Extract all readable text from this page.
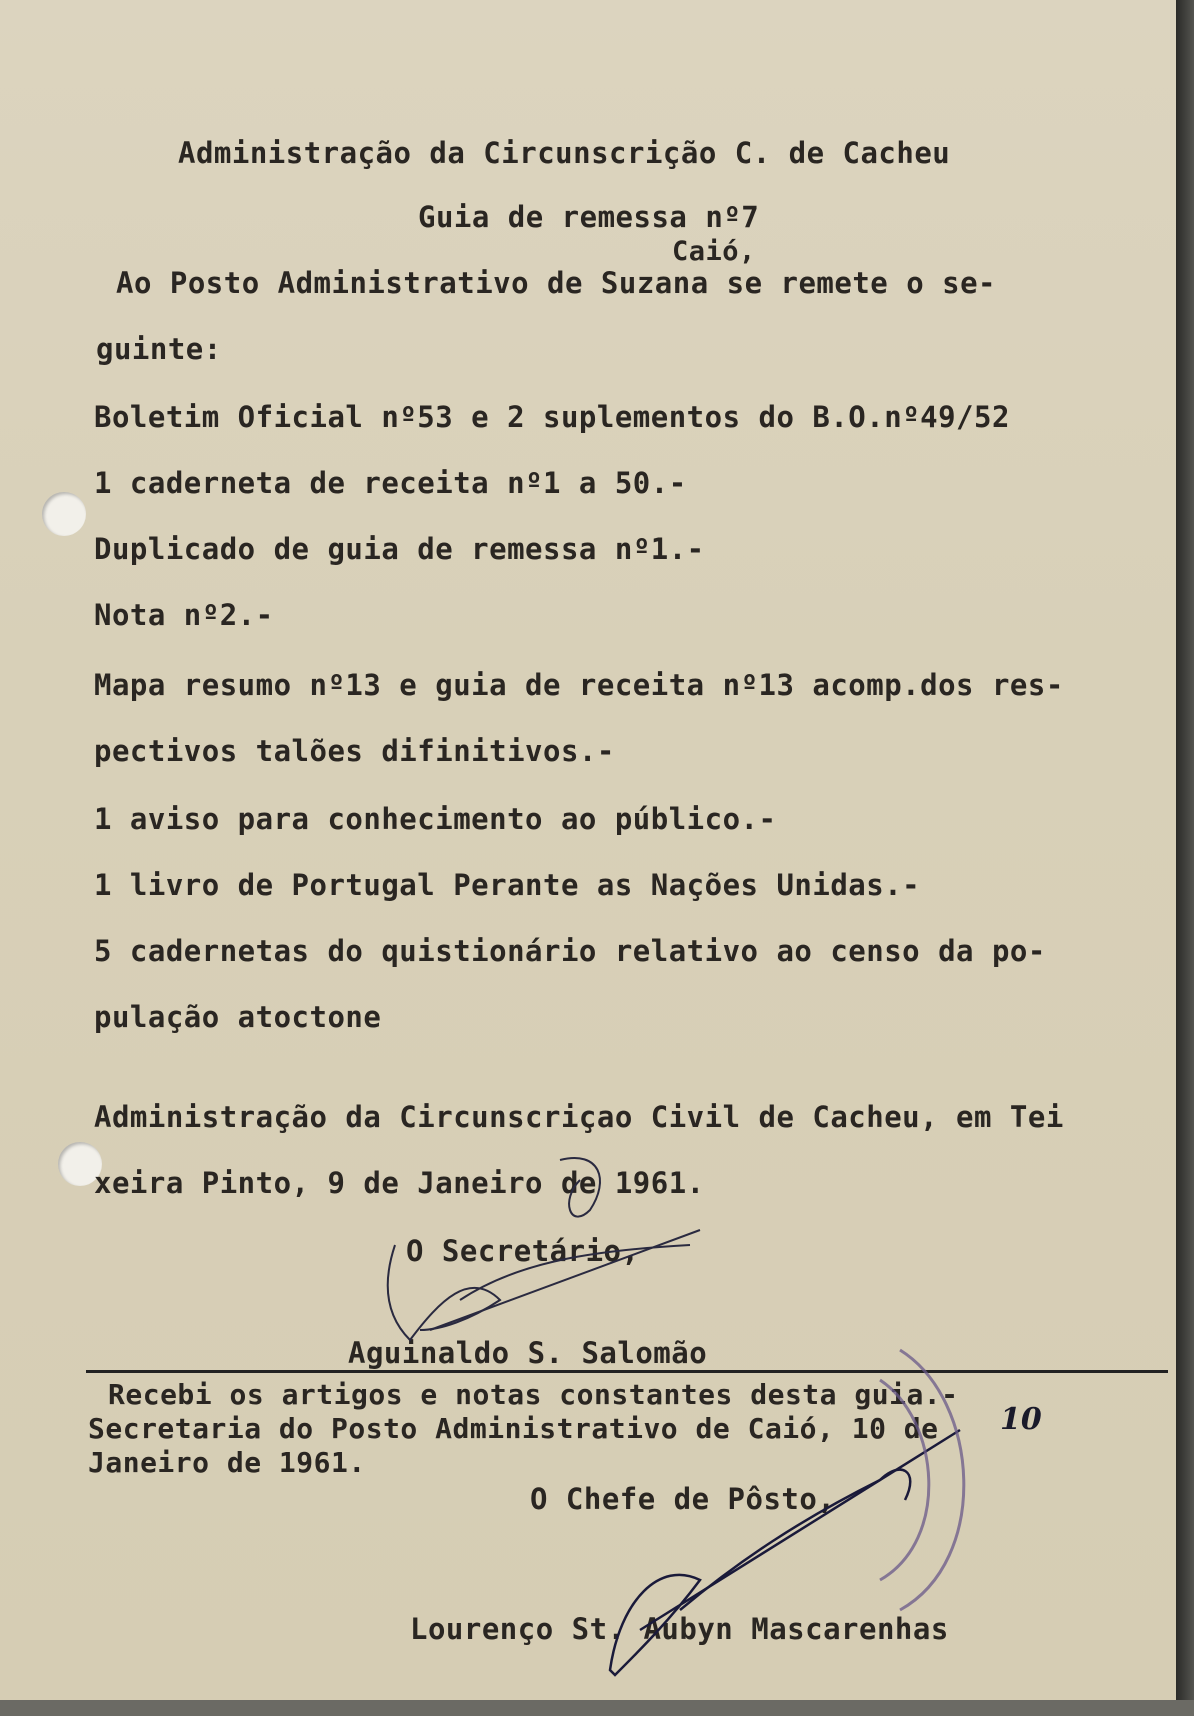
Administração da Circunscrição C. de Cacheu
Guia de remessa nº7
Caió,
Ao Posto Administrativo de Suzana se remete o se-
guinte:
Boletim Oficial nº53 e 2 suplementos do B.O.nº49/52
1 caderneta de receita nº1 a 50.-
Duplicado de guia de remessa nº1.-
Nota nº2.-
Mapa resumo nº13 e guia de receita nº13 acomp.dos res-
pectivos talões difinitivos.-
1 aviso para conhecimento ao público.-
1 livro de Portugal Perante as Nações Unidas.-
5 cadernetas do quistionário relativo ao censo da po-
pulação atoctone
Administração da Circunscriçao Civil de Cacheu, em Tei
xeira Pinto, 9 de Janeiro de 1961.
O Secretário,
Aguinaldo S. Salomão
Recebi os artigos e notas constantes desta guia.-
Secretaria do Posto Administrativo de Caió, 10 de
Janeiro de 1961.
O Chefe de Pôsto,
Lourenço St. Aubyn Mascarenhas
10
